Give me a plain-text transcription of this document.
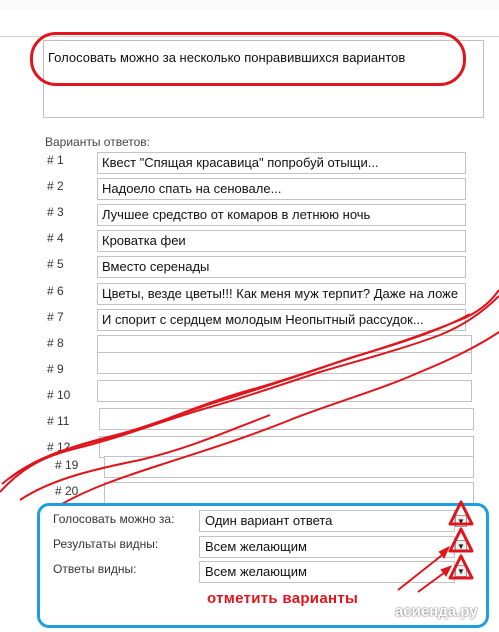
Голосовать можно за несколько понравившихся вариантов
Варианты ответов:
# 1	Квест "Спящая красавица" попробуй отыщи...
# 2	Надоело спать на сеновале...
# 3	Лучшее средство от комаров в летнюю ночь
# 4	Кроватка феи
# 5	Вместо серенады
# 6	Цветы, везде цветы!!! Как меня муж терпит? Даже на ложе
# 7	И спорит с сердцем молодым Неопытный рассудок...
# 8
# 9
# 10
# 11
# 12
# 19
# 20
Голосовать можно за:	Один вариант ответа	▼
Результаты видны:	Всем желающим	▼
Ответы видны:	Всем желающим	▼
отметить варианты
асиенда.ру
